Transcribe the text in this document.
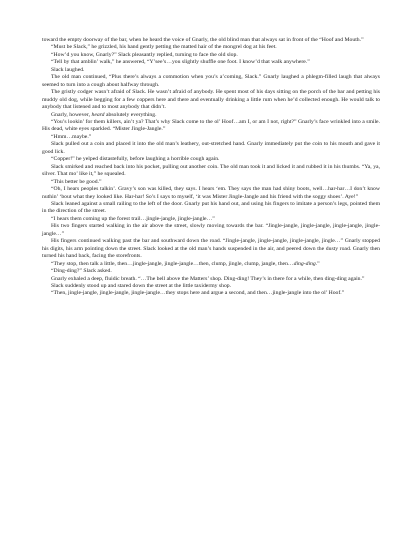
toward the empty doorway of the bar, when he heard the voice of Gnarly, the old blind man that always sat in front of the “Hoof and Mouth.”

“Must be Slack,” he grizzled, his hand gently petting the matted hair of the mongrel dog at his feet.

“How’d you know, Gnarly?” Slack pleasantly replied, turning to face the old slop.

“Tell by that amblin’ walk,” he answered, “Y’see’s…you slightly shuffle one foot. I know’d that walk anywhere.”

Slack laughed.

The old man continued, “Plus there’s always a commotion when you’s a’coming, Slack.” Gnarly laughed a phlegm-filled laugh that always seemed to turn into a cough about halfway through.

The gristly codger wasn’t afraid of Slack. He wasn’t afraid of anybody. He spent most of his days sitting on the porch of the bar and petting his muddy old dog, while begging for a few coppers here and there and eventually drinking a little rum when he’d collected enough. He would talk to anybody that listened and to most anybody that didn’t.

Gnarly, however, heard absolutely everything.

“You’s lookin’ for them killers, ain’t ya? That’s why Slack come to the ol’ Hoof…am I, or am I not, right?” Gnarly’s face wrinkled into a smile. His dead, white eyes sparkled. “Mister Jingle-Jangle.”

“Hmm…maybe.”

Slack pulled out a coin and placed it into the old man’s leathery, out-stretched hand. Gnarly immediately put the coin to his mouth and gave it good lick.

“Copper!” he yelped distastefully, before laughing a horrible cough again.

Slack smirked and reached back into his pocket, pulling out another coin. The old man took it and licked it and rubbed it in his thumbs. “Ya, ya, silver. That mo’ like it,” he squealed.

“This better be good.”

“Oh, I hears peoples talkin’. Gravy’s son was killed, they says. I hears ‘em. They says the man had shiny boots, well…har-har…I don’t know nuthin’ ‘bout what they looked like. Har-har! So’s I says to myself, ‘it was Mister Jingle-Jangle and his friend with the soggy shoes’. Aye!”

Slack leaned against a small railing to the left of the door. Gnarly put his hand out, and using his fingers to imitate a person’s legs, pointed them in the direction of the street.

“I hears them coming up the forest trail…jingle-jangle, jingle-jangle…”

His two fingers started walking in the air above the street, slowly moving towards the bar. “Jingle-jangle, jingle-jangle, jingle-jangle, jingle-jangle…”

His fingers continued walking past the bar and southward down the road. “Jingle-jangle, jingle-jangle, jingle-jangle, jingle…” Gnarly stopped his digits, his arm pointing down the street. Slack looked at the old man’s hands suspended in the air, and peered down the dusty road. Gnarly then turned his hand back, facing the storefronts.

“They stop, then talk a little, then…jingle-jangle, jingle-jangle…then, clump, jingle, clump, jangle, then…ding-ding.”

“Ding-ding?” Slack asked.

Gnarly exhaled a deep, fluidic breath. “…The bell above the Matters’ shop. Ding-ding! They’s in there for a while, then ding-ding again.”

Slack suddenly stood up and stared down the street at the little taxidermy shop.

“Then, jingle-jangle, jingle-jangle, jingle-jangle…they stops here and argue a second, and then…jingle-jangle into the ol’ Hoof.”
